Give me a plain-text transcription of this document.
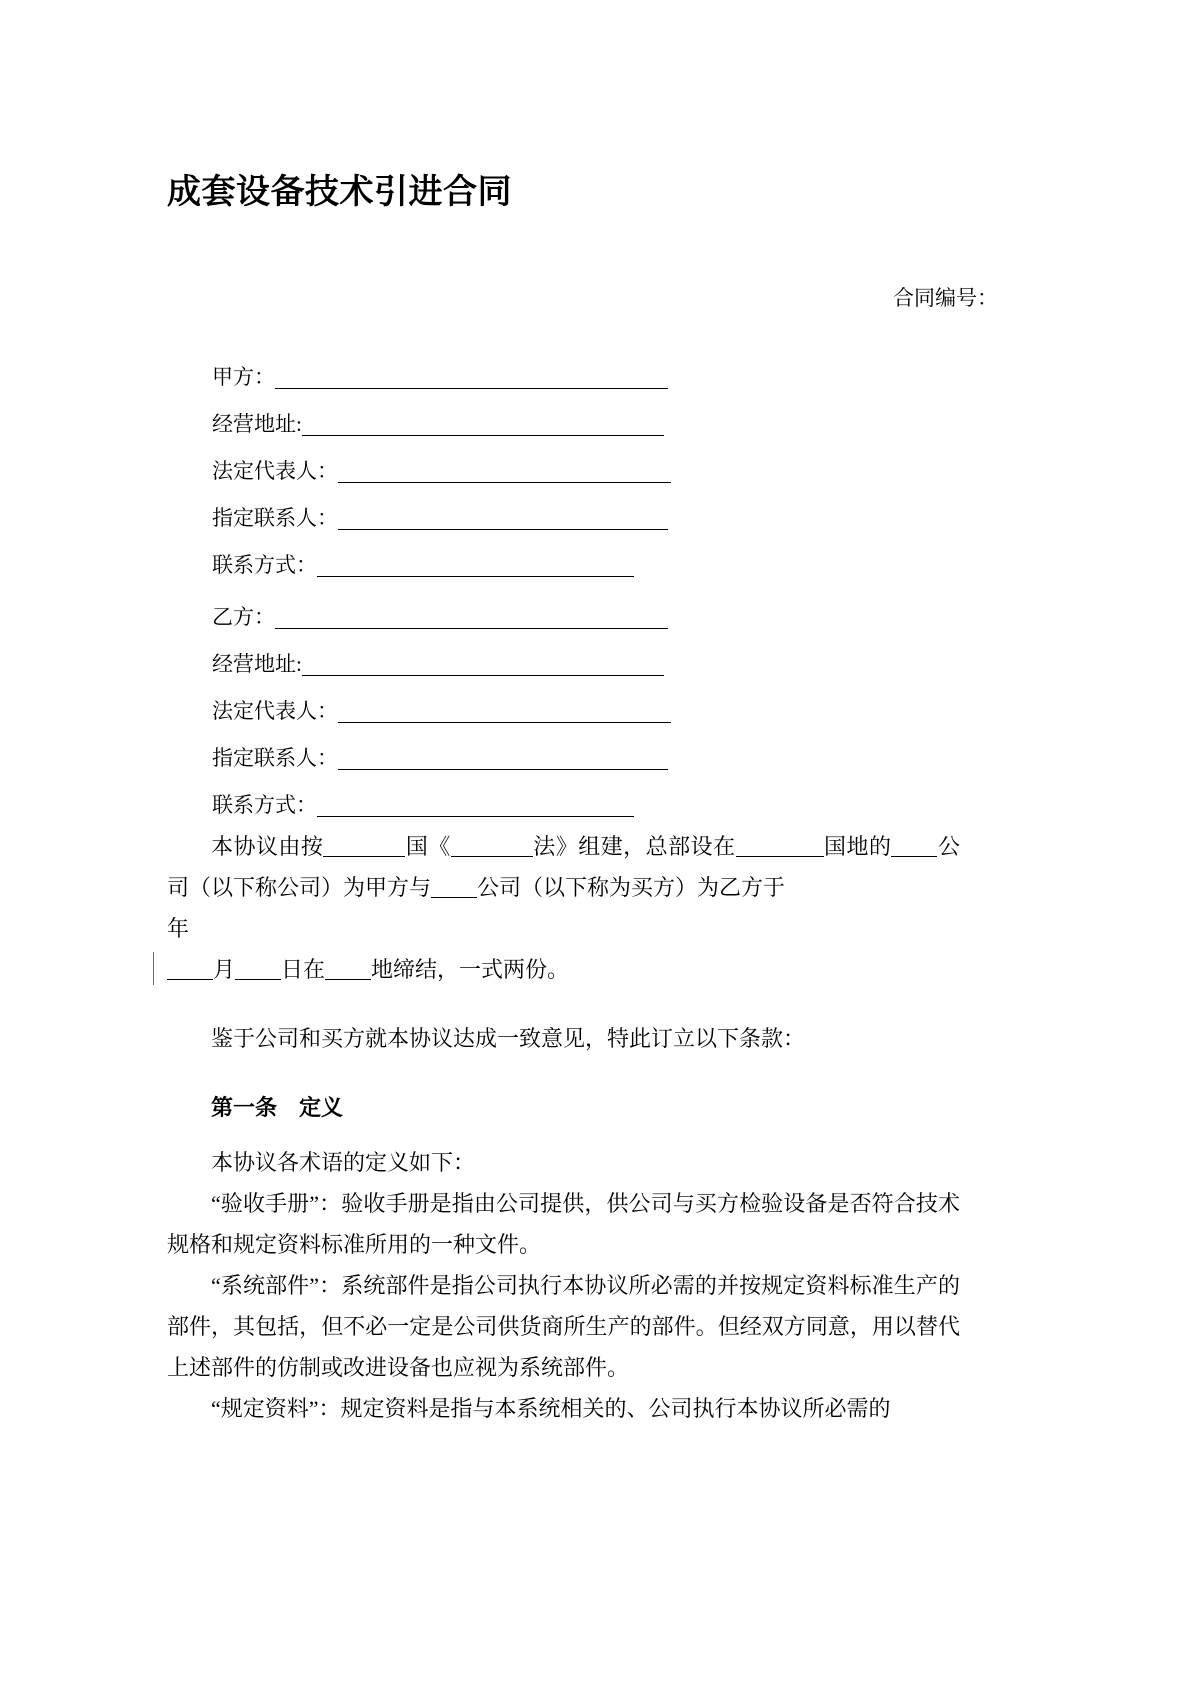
成套设备技术引进合同
合同编号：
甲方：
经营地址:
法定代表人：
指定联系人：
联系方式：
乙方：
经营地址:
法定代表人：
指定联系人：
联系方式：

本协议由按	国《	法》组建，总部设在	国地的 公司（以下称公司）为甲方与 公司（以下称为买方）为乙方于
年

月 日在 地缔结，一式两份。

鉴于公司和买方就本协议达成一致意见，特此订立以下条款：

第一条　定义

本协议各术语的定义如下：

“验收手册”：验收手册是指由公司提供，供公司与买方检验设备是否符合技术规格和规定资料标准所用的一种文件。

“系统部件”：系统部件是指公司执行本协议所必需的并按规定资料标准生产的部件，其包括，但不必一定是公司供货商所生产的部件。但经双方同意，用以替代上述部件的仿制或改进设备也应视为系统部件。

“规定资料”：规定资料是指与本系统相关的、公司执行本协议所必需的
